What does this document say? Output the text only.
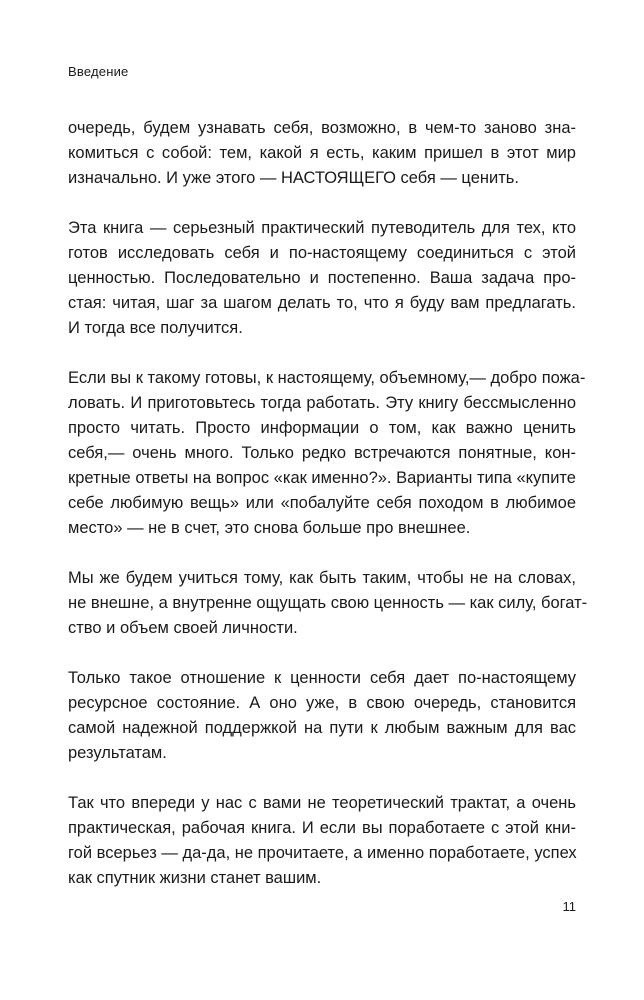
Введение
очередь, будем узнавать себя, возможно, в чем-то заново зна-
комиться с собой: тем, какой я есть, каким пришел в этот мир
изначально. И уже этого — НАСТОЯЩЕГО себя — ценить.
Эта книга — серьезный практический путеводитель для тех, кто
готов исследовать себя и по-настоящему соединиться с этой
ценностью. Последовательно и постепенно. Ваша задача про-
стая: читая, шаг за шагом делать то, что я буду вам предлагать.
И тогда все получится.
Если вы к такому готовы, к настоящему, объемному,— добро пожа-
ловать. И приготовьтесь тогда работать. Эту книгу бессмысленно
просто читать. Просто информации о том, как важно ценить
себя,— очень много. Только редко встречаются понятные, кон-
кретные ответы на вопрос «как именно?». Варианты типа «купите
себе любимую вещь» или «побалуйте себя походом в любимое
место» — не в счет, это снова больше про внешнее.
Мы же будем учиться тому, как быть таким, чтобы не на словах,
не внешне, а внутренне ощущать свою ценность — как силу, богат-
ство и объем своей личности.
Только такое отношение к ценности себя дает по-настоящему
ресурсное состояние. А оно уже, в свою очередь, становится
самой надежной поддержкой на пути к любым важным для вас
результатам.
Так что впереди у нас с вами не теоретический трактат, а очень
практическая, рабочая книга. И если вы поработаете с этой кни-
гой всерьез — да-да, не прочитаете, а именно поработаете, успех
как спутник жизни станет вашим.
11
